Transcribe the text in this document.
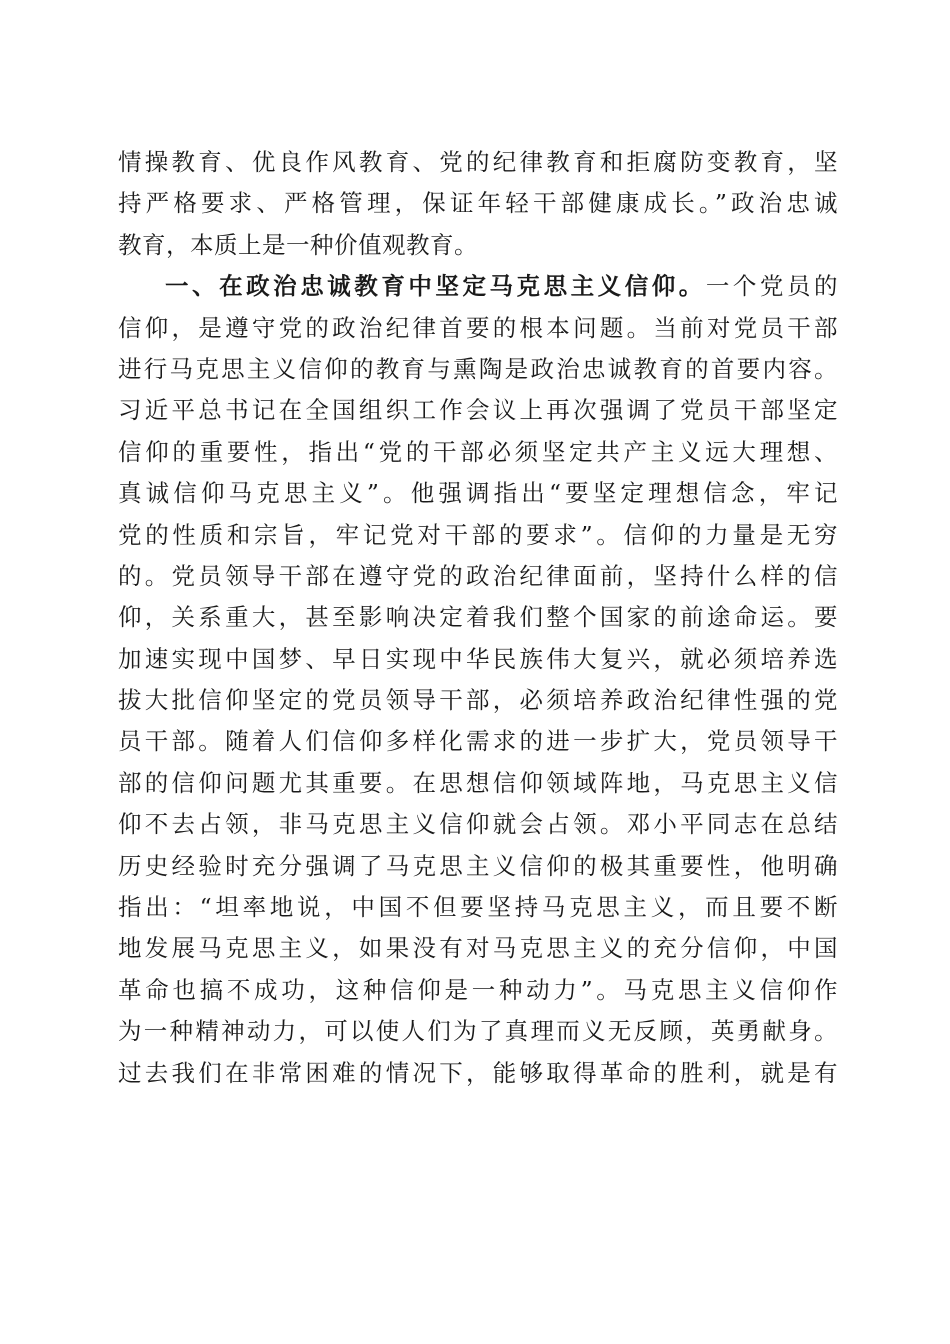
情操教育、优良作风教育、党的纪律教育和拒腐防变教育，坚
持严格要求、严格管理，保证年轻干部健康成长。”政治忠诚
教育，本质上是一种价值观教育。
一、在政治忠诚教育中坚定马克思主义信仰。一个党员的
信仰，是遵守党的政治纪律首要的根本问题。当前对党员干部
进行马克思主义信仰的教育与熏陶是政治忠诚教育的首要内容。
习近平总书记在全国组织工作会议上再次强调了党员干部坚定
信仰的重要性，指出“党的干部必须坚定共产主义远大理想、
真诚信仰马克思主义”。他强调指出“要坚定理想信念，牢记
党的性质和宗旨，牢记党对干部的要求”。信仰的力量是无穷
的。党员领导干部在遵守党的政治纪律面前，坚持什么样的信
仰，关系重大，甚至影响决定着我们整个国家的前途命运。要
加速实现中国梦、早日实现中华民族伟大复兴，就必须培养选
拔大批信仰坚定的党员领导干部，必须培养政治纪律性强的党
员干部。随着人们信仰多样化需求的进一步扩大，党员领导干
部的信仰问题尤其重要。在思想信仰领域阵地，马克思主义信
仰不去占领，非马克思主义信仰就会占领。邓小平同志在总结
历史经验时充分强调了马克思主义信仰的极其重要性，他明确
指出：“坦率地说，中国不但要坚持马克思主义，而且要不断
地发展马克思主义，如果没有对马克思主义的充分信仰，中国
革命也搞不成功，这种信仰是一种动力”。马克思主义信仰作
为一种精神动力，可以使人们为了真理而义无反顾，英勇献身。
过去我们在非常困难的情况下，能够取得革命的胜利，就是有
